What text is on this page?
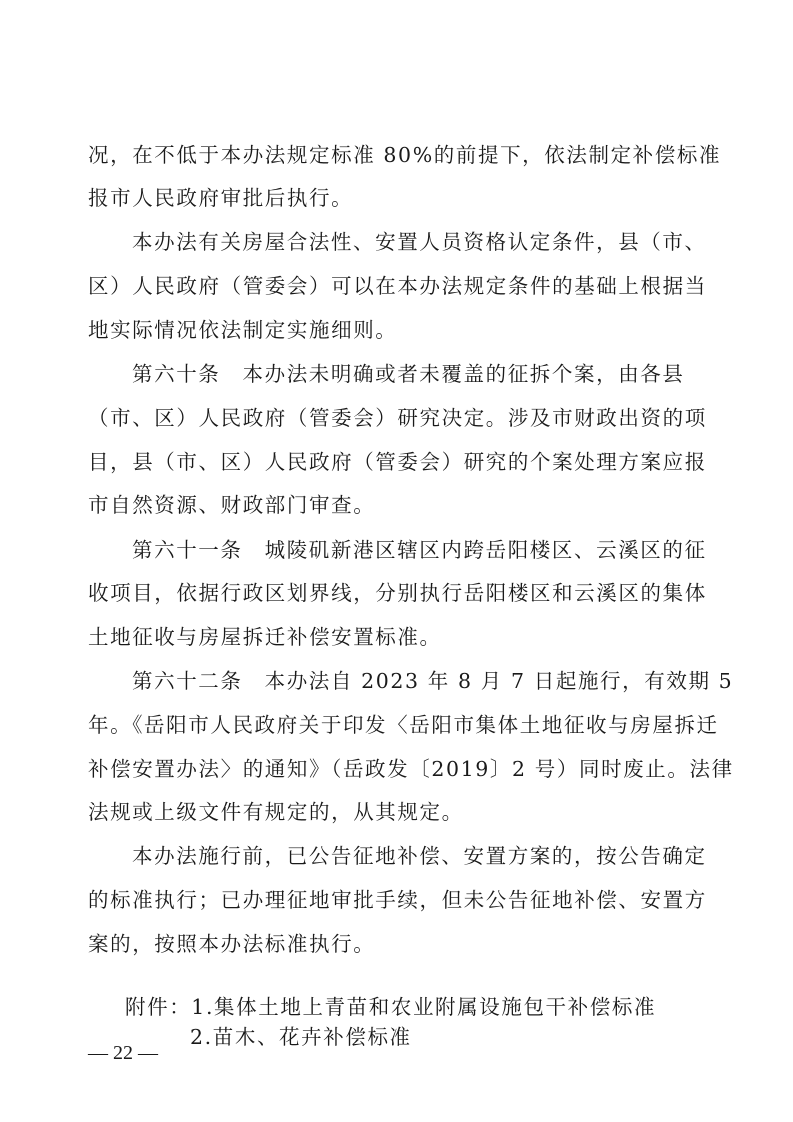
况，在不低于本办法规定标准 80%的前提下，依法制定补偿标准
报市人民政府审批后执行。
本办法有关房屋合法性、安置人员资格认定条件，县（市、
区）人民政府（管委会）可以在本办法规定条件的基础上根据当
地实际情况依法制定实施细则。
第六十条　本办法未明确或者未覆盖的征拆个案，由各县
（市、区）人民政府（管委会）研究决定。涉及市财政出资的项
目，县（市、区）人民政府（管委会）研究的个案处理方案应报
市自然资源、财政部门审查。
第六十一条　城陵矶新港区辖区内跨岳阳楼区、云溪区的征
收项目，依据行政区划界线，分别执行岳阳楼区和云溪区的集体
土地征收与房屋拆迁补偿安置标准。
第六十二条　本办法自 2023 年 8 月 7 日起施行，有效期 5
年。《岳阳市人民政府关于印发〈岳阳市集体土地征收与房屋拆迁
补偿安置办法〉的通知》（岳政发〔2019〕2 号）同时废止。法律
法规或上级文件有规定的，从其规定。
本办法施行前，已公告征地补偿、安置方案的，按公告确定
的标准执行；已办理征地审批手续，但未公告征地补偿、安置方
案的，按照本办法标准执行。
附件：1.集体土地上青苗和农业附属设施包干补偿标准
2.苗木、花卉补偿标准
— 22 —
